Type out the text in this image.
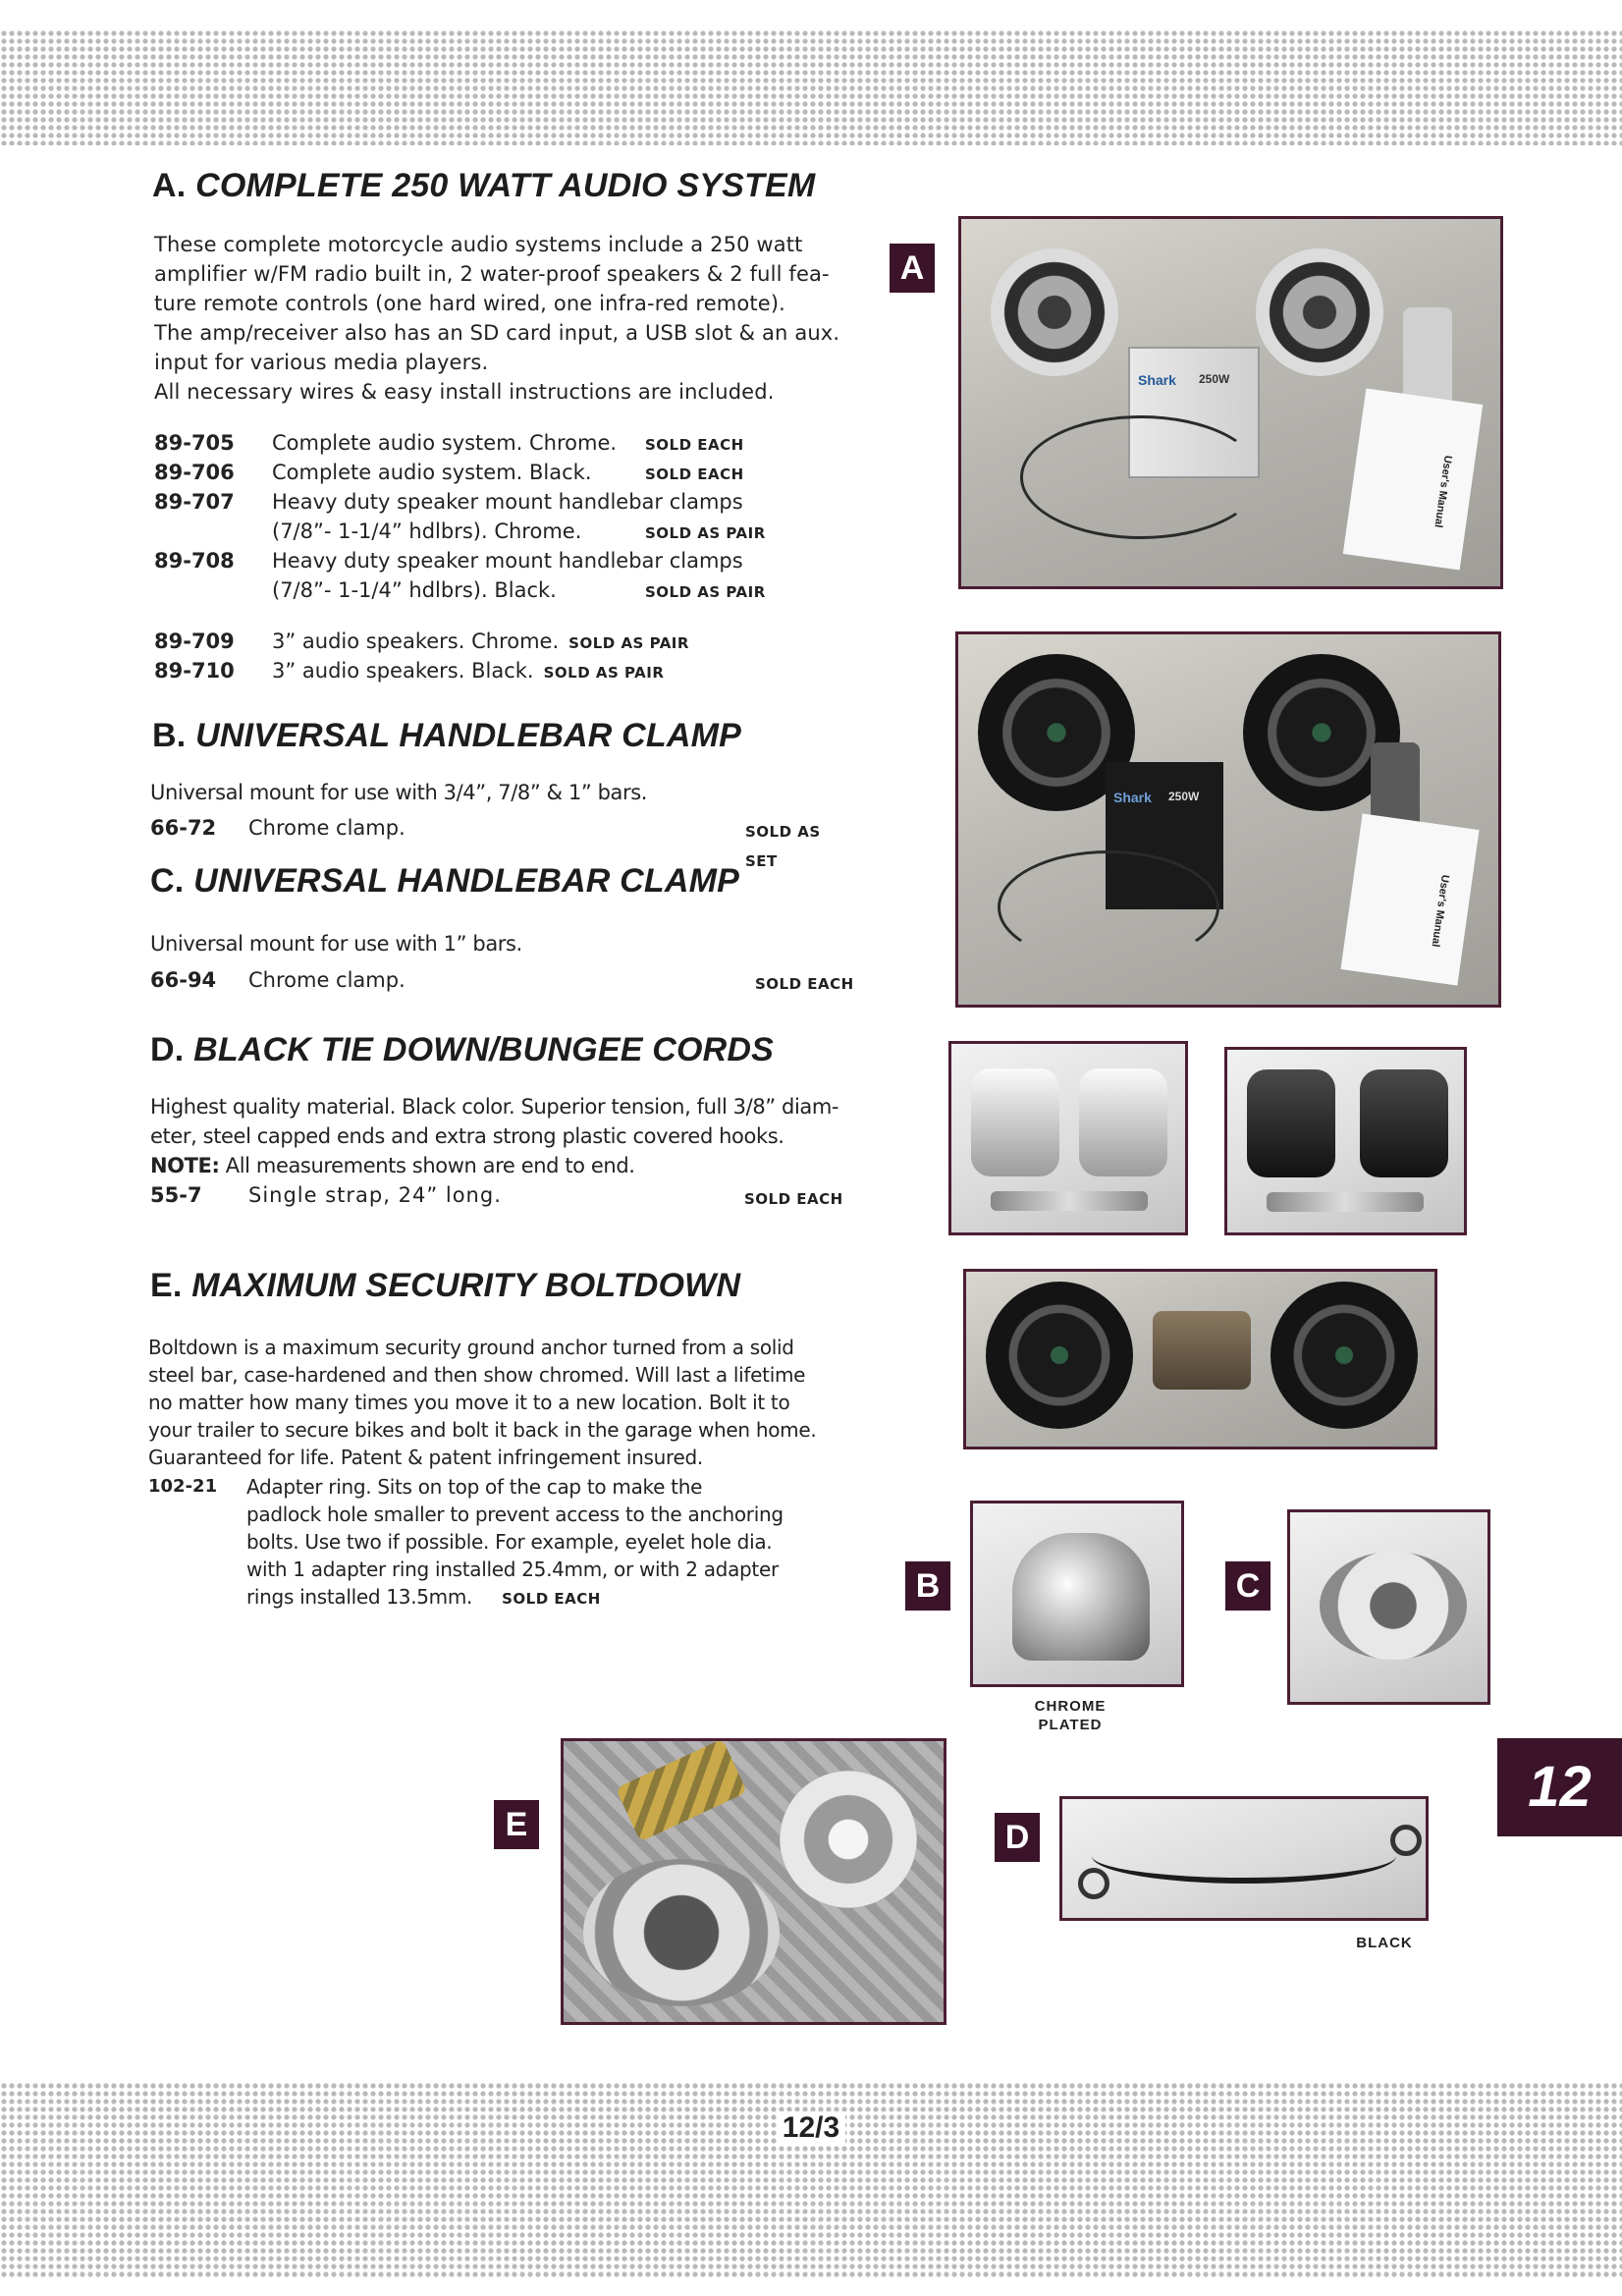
A. COMPLETE 250 WATT AUDIO SYSTEM
These complete motorcycle audio systems include a 250 watt
amplifier w/FM radio built in, 2 water-proof speakers & 2 full fea-
ture remote controls (one hard wired, one infra-red remote).
The amp/receiver also has an SD card input, a USB slot & an aux.
input for various media players.
All necessary wires & easy install instructions are included.
89-705 Complete audio system. Chrome. SOLD EACH
89-706 Complete audio system. Black.	SOLD EACH
89-707 Heavy duty speaker mount handlebar clamps
(7/8”- 1-1/4” hdlbrs). Chrome.	SOLD AS PAIR
89-708 Heavy duty speaker mount handlebar clamps
(7/8”- 1-1/4” hdlbrs). Black.	SOLD AS PAIR
89-709 3” audio speakers. Chrome. SOLD AS PAIR
89-710 3” audio speakers. Black. SOLD AS PAIR
B. UNIVERSAL HANDLEBAR CLAMP
Universal mount for use with 3/4”, 7/8” & 1” bars.
66-72 Chrome clamp.	SOLD AS SET
C. UNIVERSAL HANDLEBAR CLAMP
Universal mount for use with 1” bars.
66-94 Chrome clamp.	SOLD EACH
D. BLACK TIE DOWN/BUNGEE CORDS
Highest quality material. Black color. Superior tension, full 3/8” diam-
eter, steel capped ends and extra strong plastic covered hooks.
NOTE: All measurements shown are end to end.
55-7 Single strap, 24” long.	SOLD EACH
E. MAXIMUM SECURITY BOLTDOWN
Boltdown is a maximum security ground anchor turned from a solid
steel bar, case-hardened and then show chromed. Will last a lifetime
no matter how many times you move it to a new location. Bolt it to
your trailer to secure bikes and bolt it back in the garage when home.
Guaranteed for life. Patent & patent infringement insured.
102-21 Adapter ring. Sits on top of the cap to make the
padlock hole smaller to prevent access to the anchoring
bolts. Use two if possible. For example, eyelet hole dia.
with 1 adapter ring installed 25.4mm, or with 2 adapter
rings installed 13.5mm. SOLD EACH
Shark 250W
User's Manual
A
Shark 250W
User's Manual
B
CHROME
PLATED
C
E	D
BLACK
12
12/3
